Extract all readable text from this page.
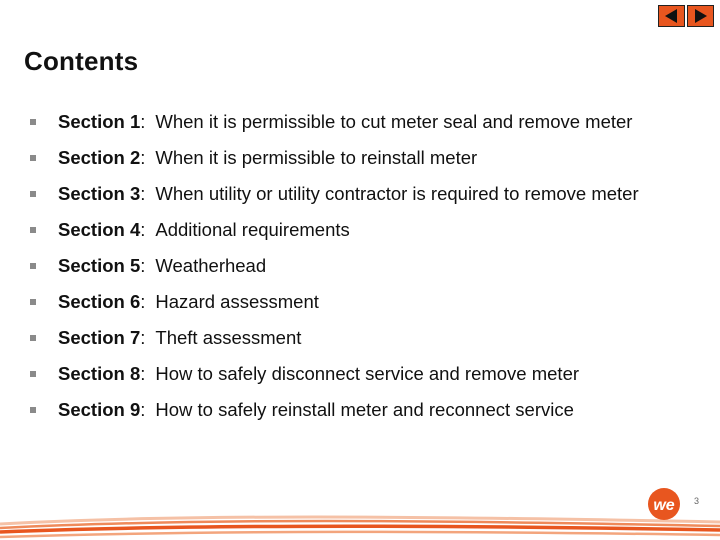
Contents
Section 1 : When it is permissible to cut meter seal and remove meter
Section 2 : When it is permissible to reinstall meter
Section 3 : When utility or utility contractor is required to remove meter
Section 4 : Additional requirements
Section 5 : Weatherhead
Section 6 : Hazard assessment
Section 7 : Theft assessment
Section 8 : How to safely disconnect service and remove meter
Section 9 : How to safely reinstall meter and reconnect service
we 3
